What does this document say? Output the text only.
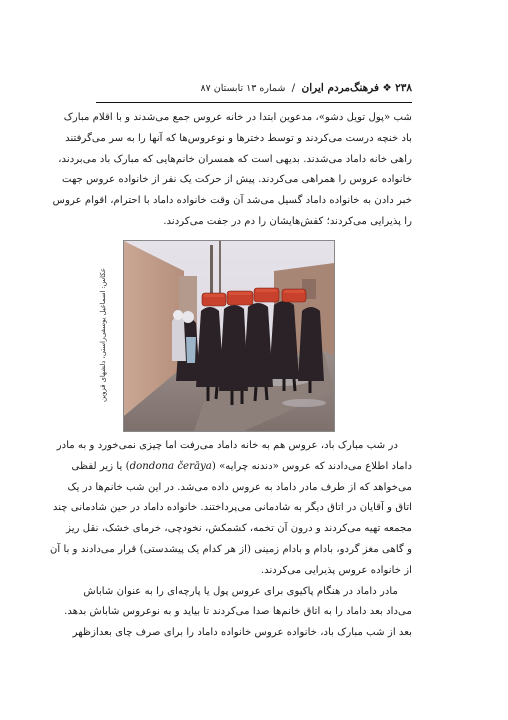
۲۳۸ ❖ فرهنگ‌مردم ایران / شماره ۱۳ تابستان ۸۷
شب «پول تویل دشو»، مدعوین ابتدا در خانه عروس جمع می‌شدند و با اقلام مبارک
باد خنچه درست می‌کردند و توسط دخترها و نوعروس‌ها که آنها را به سر می‌گرفتند
راهی خانه داماد می‌شدند. بدیهی است که همسران خانم‌هایی که مبارک باد می‌بردند،
خانواده عروس را همراهی می‌کردند. پیش از حرکت یک نفر از خانواده عروس جهت
خبر دادن به خانواده داماد گسیل می‌شد آن وقت خانواده داماد با احترام، اقوام عروس
را پذیرایی می‌کردند؛ کفش‌هایشان را دم در جفت می‌کردند.
عکاس: اسماعیل یوسفی‌راستی، دلشهای قزوین
در شب مبارک باد، عروس هم به خانه داماد می‌رفت اما چیزی نمی‌خورد و به مادر
داماد اطلاع می‌دادند که عروس «دندنه چرایه» (dondona čerāya) یا زیر لفظی
می‌خواهد که از طرف مادر داماد به عروس داده می‌شد. در این شب خانم‌ها در یک
اتاق و آقایان در اتاق دیگر به شادمانی می‌پرداختند. خانواده داماد در حین شادمانی چند
مجمعه تهیه می‌کردند و درون آن تخمه، کشمکش، نخودچی، خرمای خشک، نقل ریز
و گاهی مغز گردو، بادام و بادام زمینی (از هر کدام یک پیشدستی) قرار می‌دادند و با آن
از خانواده عروس پذیرایی می‌کردند.
مادر داماد در هنگام پاکیوی برای عروس پول یا پارچه‌ای را به عنوان شاباش
می‌داد بعد داماد را به اتاق خانم‌ها صدا می‌کردند تا بیاید و به نوعروس شاباش بدهد.
بعد از شب مبارک باد، خانواده عروس خانواده داماد را برای صرف چای بعدازظهر
